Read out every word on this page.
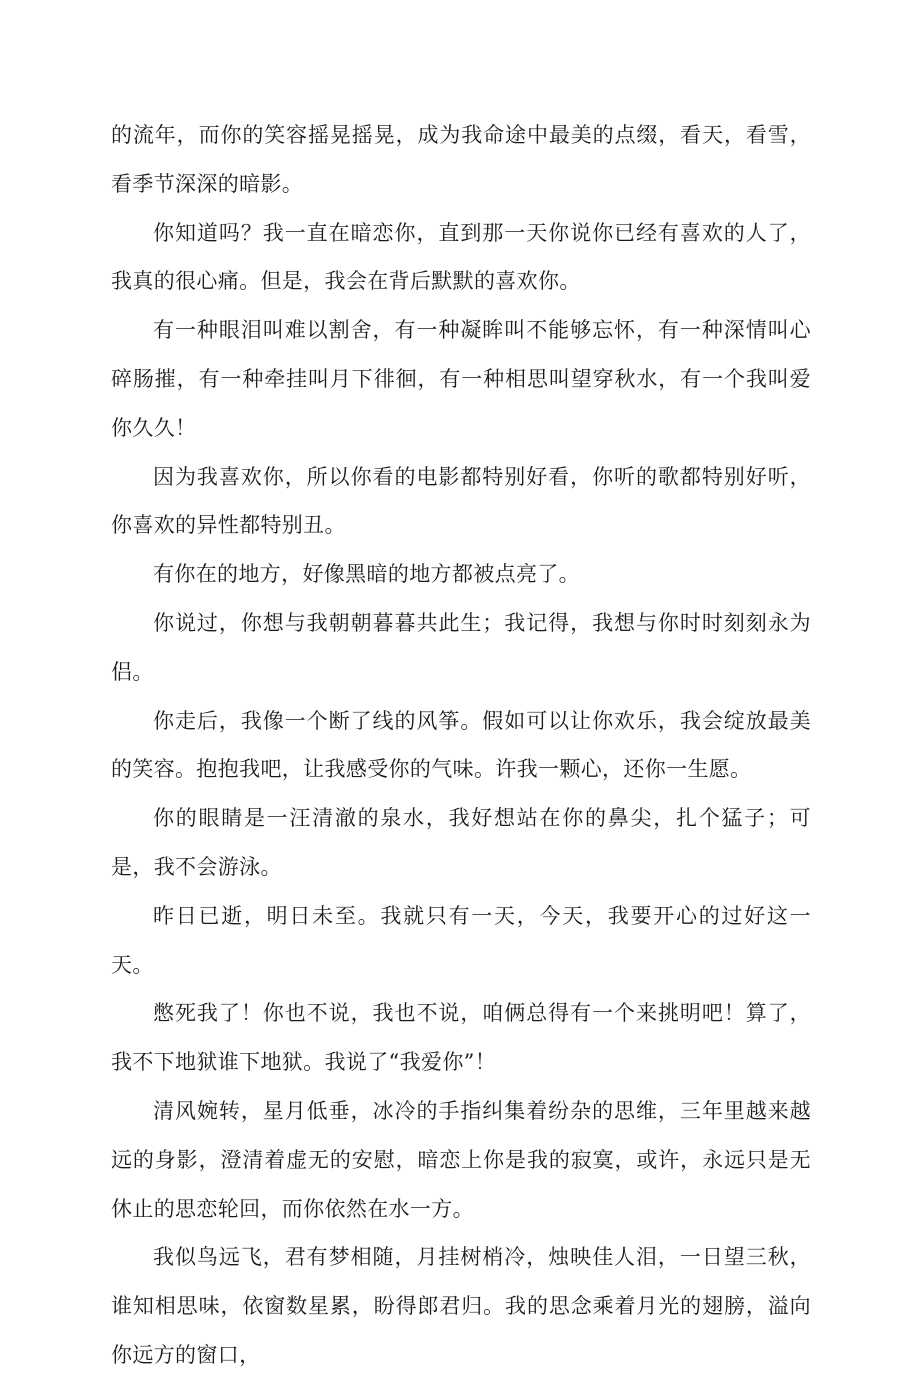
的流年，而你的笑容摇晃摇晃，成为我命途中最美的点缀，看天，看雪，看季节深深的暗影。

你知道吗？我一直在暗恋你，直到那一天你说你已经有喜欢的人了，我真的很心痛。但是，我会在背后默默的喜欢你。

有一种眼泪叫难以割舍，有一种凝眸叫不能够忘怀，有一种深情叫心碎肠摧，有一种牵挂叫月下徘徊，有一种相思叫望穿秋水，有一个我叫爱你久久！

因为我喜欢你，所以你看的电影都特别好看，你听的歌都特别好听，你喜欢的异性都特别丑。

有你在的地方，好像黑暗的地方都被点亮了。

你说过，你想与我朝朝暮暮共此生；我记得，我想与你时时刻刻永为侣。

你走后，我像一个断了线的风筝。假如可以让你欢乐，我会绽放最美的笑容。抱抱我吧，让我感受你的气味。许我一颗心，还你一生愿。

你的眼睛是一汪清澈的泉水，我好想站在你的鼻尖，扎个猛子；可是，我不会游泳。

昨日已逝，明日未至。我就只有一天，今天，我要开心的过好这一天。

憋死我了！你也不说，我也不说，咱俩总得有一个来挑明吧！算了，我不下地狱谁下地狱。我说了“我爱你”！

清风婉转，星月低垂，冰冷的手指纠集着纷杂的思维，三年里越来越远的身影，澄清着虚无的安慰，暗恋上你是我的寂寞，或许，永远只是无休止的思恋轮回，而你依然在水一方。

我似鸟远飞，君有梦相随，月挂树梢冷，烛映佳人泪，一日望三秋，谁知相思味，依窗数星累，盼得郎君归。我的思念乘着月光的翅膀，溢向你远方的窗口，
